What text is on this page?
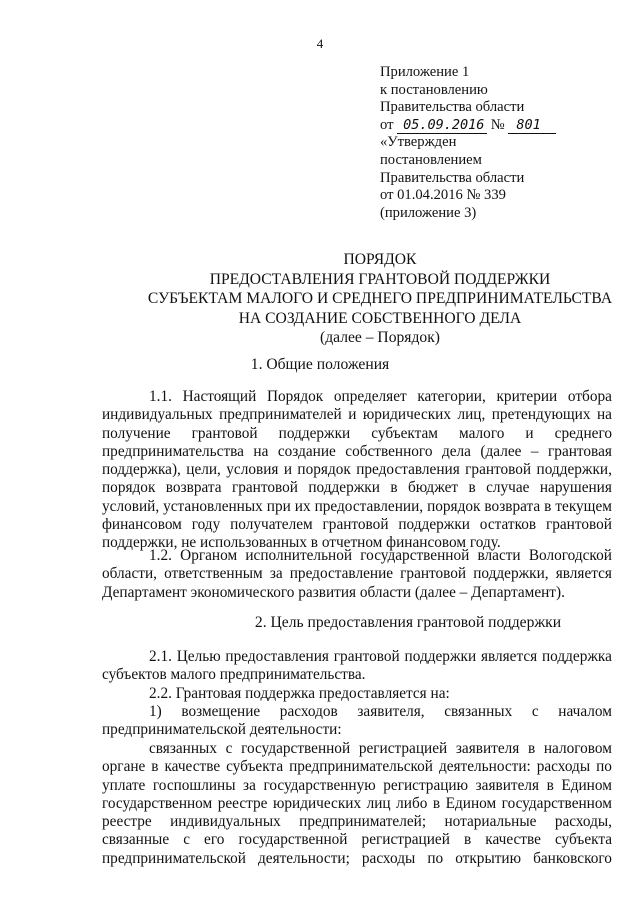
4
Приложение 1
к постановлению
Правительства области
от 05.09.2016 № 801
«Утвержден
постановлением
Правительства области
от 01.04.2016 № 339
(приложение 3)
ПОРЯДОК
ПРЕДОСТАВЛЕНИЯ ГРАНТОВОЙ ПОДДЕРЖКИ
СУБЪЕКТАМ МАЛОГО И СРЕДНЕГО ПРЕДПРИНИМАТЕЛЬСТВА
НА СОЗДАНИЕ СОБСТВЕННОГО ДЕЛА
(далее – Порядок)
1. Общие положения
1.1. Настоящий Порядок определяет категории, критерии отбора
индивидуальных предпринимателей и юридических лиц, претендующих на
получение грантовой поддержки субъектам малого и среднего
предпринимательства на создание собственного дела (далее – грантовая
поддержка), цели, условия и порядок предоставления грантовой поддержки,
порядок возврата грантовой поддержки в бюджет в случае нарушения
условий, установленных при их предоставлении, порядок возврата в текущем
финансовом году получателем грантовой поддержки остатков грантовой
поддержки, не использованных в отчетном финансовом году.
1.2. Органом исполнительной государственной власти Вологодской
области, ответственным за предоставление грантовой поддержки, является
Департамент экономического развития области (далее – Департамент).
2. Цель предоставления грантовой поддержки
2.1. Целью предоставления грантовой поддержки является поддержка
субъектов малого предпринимательства.
2.2. Грантовая поддержка предоставляется на:
1) возмещение расходов заявителя, связанных с началом
предпринимательской деятельности:
связанных с государственной регистрацией заявителя в налоговом
органе в качестве субъекта предпринимательской деятельности: расходы по
уплате госпошлины за государственную регистрацию заявителя в Едином
государственном реестре юридических лиц либо в Едином государственном
реестре индивидуальных предпринимателей; нотариальные расходы,
связанные с его государственной регистрацией в качестве субъекта
предпринимательской деятельности; расходы по открытию банковского
